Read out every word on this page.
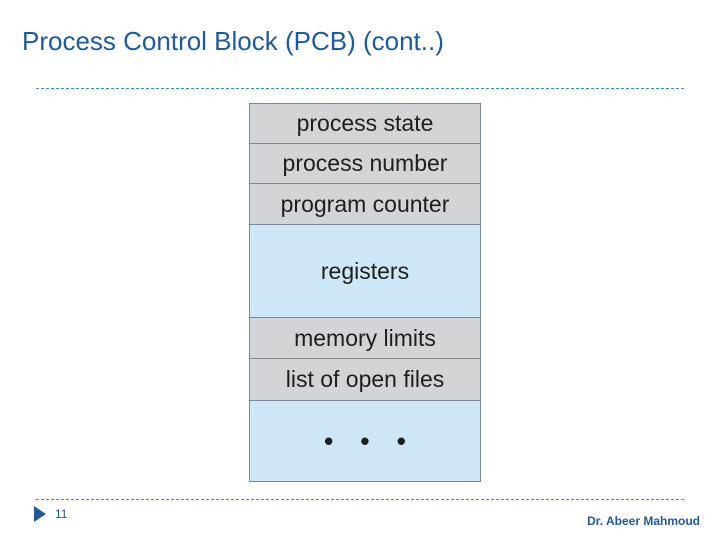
Process Control Block (PCB) (cont..)
process state
process number
program counter
registers
memory limits
list of open files
• • •
11	Dr. Abeer Mahmoud
